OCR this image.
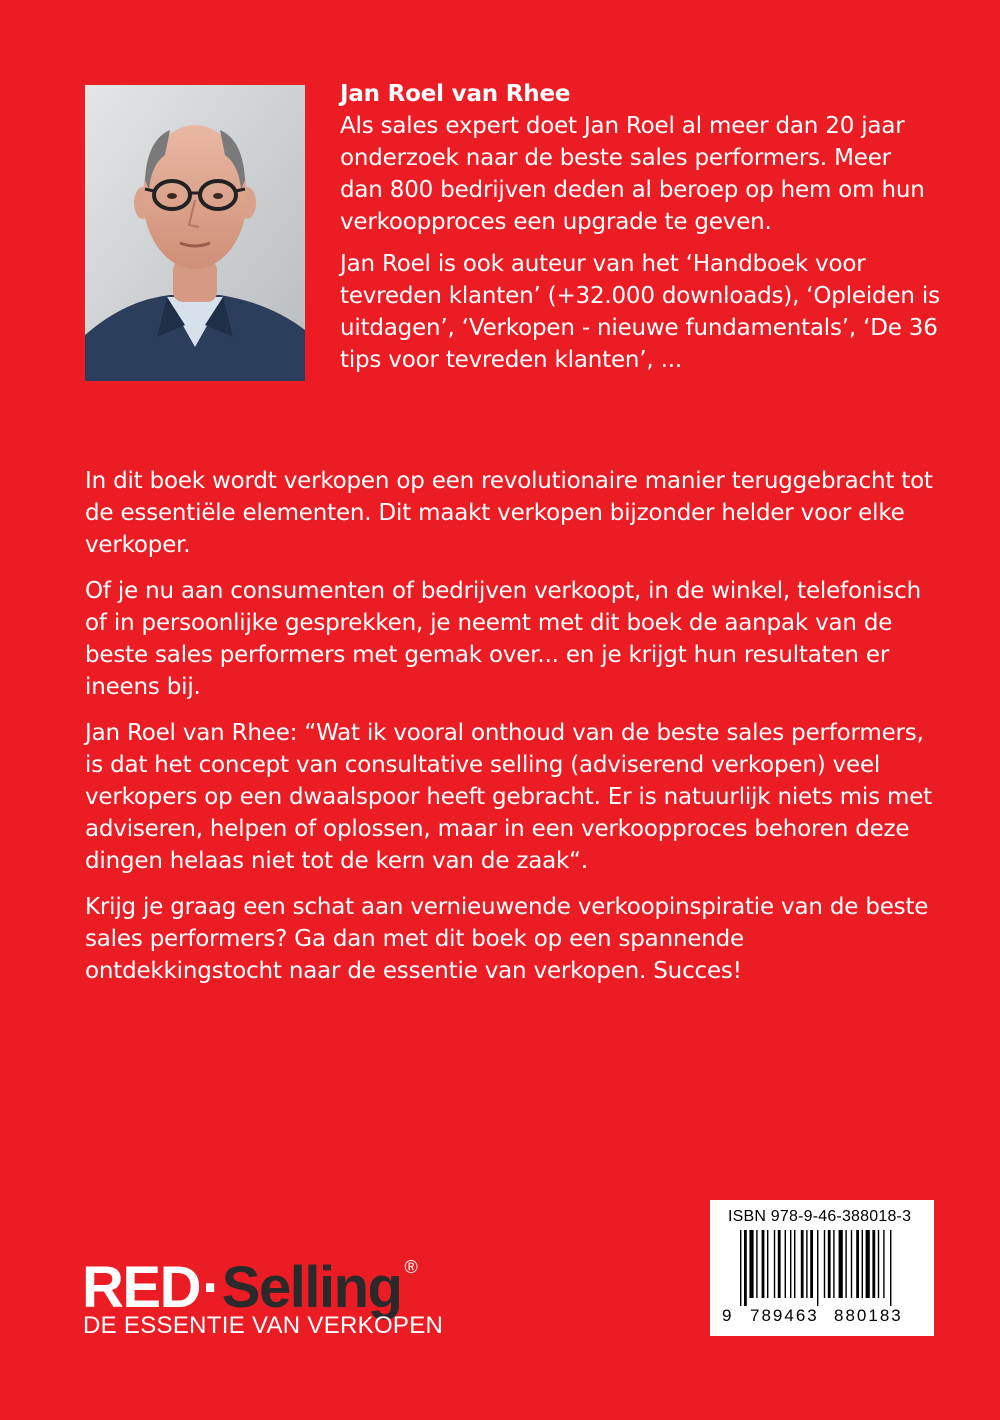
Jan Roel van Rhee
Als sales expert doet Jan Roel al meer dan 20 jaar onderzoek naar de beste sales performers. Meer dan 800 bedrijven deden al beroep op hem om hun verkoopproces een upgrade te geven.

Jan Roel is ook auteur van het ‘Handboek voor tevreden klanten’ (+32.000 downloads), ‘Opleiden is uitdagen’, ‘Verkopen - nieuwe fundamentals’, ‘De 36 tips voor tevreden klanten’, ...

In dit boek wordt verkopen op een revolutionaire manier teruggebracht tot de essentiële elementen. Dit maakt verkopen bijzonder helder voor elke verkoper.

Of je nu aan consumenten of bedrijven verkoopt, in de winkel, telefonisch of in persoonlijke gesprekken, je neemt met dit boek de aanpak van de beste sales performers met gemak over... en je krijgt hun resultaten er ineens bij.

Jan Roel van Rhee: “Wat ik vooral onthoud van de beste sales performers, is dat het concept van consultative selling (adviserend verkopen) veel verkopers op een dwaalspoor heeft gebracht. Er is natuurlijk niets mis met adviseren, helpen of oplossen, maar in een verkoopproces behoren deze dingen helaas niet tot de kern van de zaak“.

Krijg je graag een schat aan vernieuwende verkoopinspiratie van de beste sales performers? Ga dan met dit boek op een spannende ontdekkingstocht naar de essentie van verkopen. Succes!

RED·Selling ®
DE ESSENTIE VAN VERKOPEN
ISBN 978-9-46-388018-3
9 789463 880183
